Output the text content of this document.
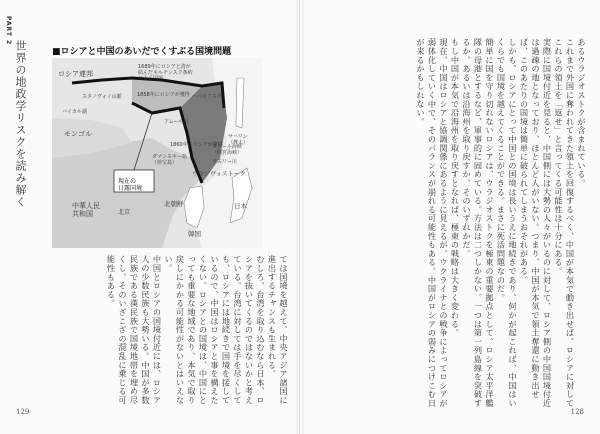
PART 2
世界の地政学リスクを読み解く	■ロシアと中国のあいだでくすぶる国境問題
ロシア連邦
モンゴル
中華人民共和国	北京
北朝鮮
韓国
日本
ウラジヴォストーク
現在の日露国境
1689年にロシアと清が結んだネルチンスク条約による国境
1858年にロシアが獲得
1860年にロシアが獲得
ウスリー川
アムール川
ダマンスキー島（珍宝島）
スタノヴォイ山脈
バイカル湖
サハリン（樺太）
タタール海峡（間宮海峡）
ハバロフスク
ては国境を越えて、中央アジア諸国に進出するチャンスも生まれる。
むしろ、台湾を取り込むなら日本、ロシアを抜いてくるのではないかと考えている。台湾に対しては手を尽くしても、ロシアには地続きで国境を接しているので、中国はロシアと事を構えたくない。ロシアとの国境は、中国にとっても重要な地域であり、本気で取り戻しにかかる可能性がないとはいえない。
中国とロシアの国境付近には、ロシア人の少数民族も大勢いる。中国が多数民族である漢民族で国境地帯を埋め尽くし、そのいざこざの混乱に乗じる可能性もある。
129
あるウラジオストクが含まれている。
これまで外国に奪われてきた領土を回復するべく、中国が本気で動き出せば、ロシアに対してこれらの領土を「返せ」と言ってくる可能性は十分にある。
実際に国境付近を見ると、中国側には大勢の人々がいるのに対して、ロシア側の中国国境付近は過疎の地となっており、ほとんど人がいない。つまり、中国が本気で領土奪還に動き出せば、このあたりの国境は簡単に破られてしまうおそれがある。
しかも、ロシアにとって中国との国境は長いうえに地続きであり、何かが起これば、中国はいくらでも国境を越えてくることができる。まさに死活問題なのだ。
簡単に国を守り切れないロシアは、ウラジオストクを極東の重要拠点として、ロシア太平洋艦隊の母港とするなど、軍事的に固めている。方法は二つしかない。一つは第一列島線を突破するか、あるいは沿海州を取り戻すか、そのいずれかだ。
もし中国が本気で沿海州を取り戻すとなれば、極東の戦略は大きく変わる。
現在、中国はロシアと協調関係にあるように見えるが、ウクライナとの戦争によってロシアが弱体化していく中で、そのバランスが崩れる可能性もある。中国がロシアの弱みにつけこむ日が来るかもしれない。
128
